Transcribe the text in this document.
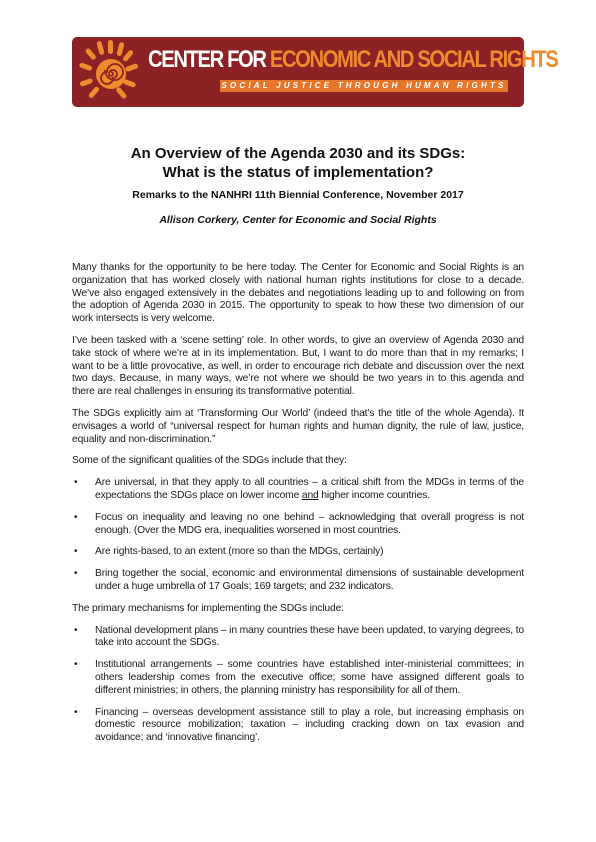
CENTER FOR ECONOMIC AND SOCIAL RIGHTS
SOCIAL JUSTICE THROUGH HUMAN RIGHTS
An Overview of the Agenda 2030 and its SDGs:
What is the status of implementation?

Remarks to the NANHRI 11th Biennial Conference, November 2017

Allison Corkery, Center for Economic and Social Rights

Many thanks for the opportunity to be here today. The Center for Economic and Social Rights is an organization that has worked closely with national human rights institutions for close to a decade. We’ve also engaged extensively in the debates and negotiations leading up to and following on from the adoption of Agenda 2030 in 2015. The opportunity to speak to how these two dimension of our work intersects is very welcome.

I’ve been tasked with a ‘scene setting’ role. In other words, to give an overview of Agenda 2030 and take stock of where we’re at in its implementation. But, I want to do more than that in my remarks; I want to be a little provocative, as well, in order to encourage rich debate and discussion over the next two days. Because, in many ways, we’re not where we should be two years in to this agenda and there are real challenges in ensuring its transformative potential.

The SDGs explicitly aim at ‘Transforming Our World’ (indeed that’s the title of the whole Agenda). It envisages a world of “universal respect for human rights and human dignity, the rule of law, justice, equality and non-discrimination.”

Some of the significant qualities of the SDGs include that they:

• Are universal, in that they apply to all countries – a critical shift from the MDGs in terms of the expectations the SDGs place on lower income and higher income countries.
• Focus on inequality and leaving no one behind – acknowledging that overall progress is not enough. (Over the MDG era, inequalities worsened in most countries.
• Are rights-based, to an extent (more so than the MDGs, certainly)
• Bring together the social, economic and environmental dimensions of sustainable development under a huge umbrella of 17 Goals; 169 targets; and 232 indicators.

The primary mechanisms for implementing the SDGs include:

• National development plans – in many countries these have been updated, to varying degrees, to take into account the SDGs.
• Institutional arrangements – some countries have established inter-ministerial committees; in others leadership comes from the executive office; some have assigned different goals to different ministries; in others, the planning ministry has responsibility for all of them.
• Financing – overseas development assistance still to play a role, but increasing emphasis on domestic resource mobilization; taxation – including cracking down on tax evasion and avoidance; and ‘innovative financing’.
